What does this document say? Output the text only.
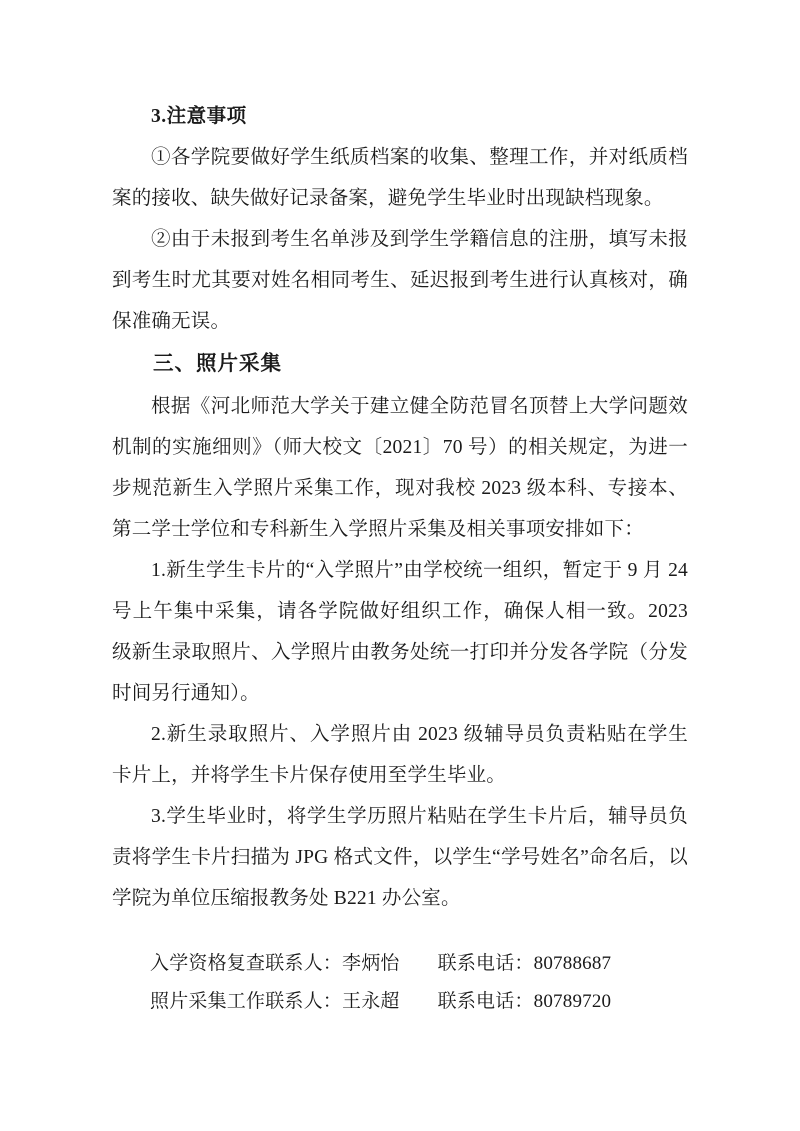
3.注意事项

①各学院要做好学生纸质档案的收集、整理工作，并对纸质档案的接收、缺失做好记录备案，避免学生毕业时出现缺档现象。

②由于未报到考生名单涉及到学生学籍信息的注册，填写未报到考生时尤其要对姓名相同考生、延迟报到考生进行认真核对，确保准确无误。

三、照片采集

根据《河北师范大学关于建立健全防范冒名顶替上大学问题效机制的实施细则》（师大校文〔2021〕70 号）的相关规定，为进一步规范新生入学照片采集工作，现对我校 2023 级本科、专接本、第二学士学位和专科新生入学照片采集及相关事项安排如下：

1.新生学生卡片的“入学照片”由学校统一组织，暂定于 9 月 24 号上午集中采集，请各学院做好组织工作，确保人相一致。2023 级新生录取照片、入学照片由教务处统一打印并分发各学院（分发时间另行通知）。

2.新生录取照片、入学照片由 2023 级辅导员负责粘贴在学生卡片上，并将学生卡片保存使用至学生毕业。

3.学生毕业时，将学生学历照片粘贴在学生卡片后，辅导员负责将学生卡片扫描为 JPG 格式文件，以学生“学号姓名”命名后，以学院为单位压缩报教务处 B221 办公室。

入学资格复查联系人：李炳怡 联系电话：80788687

照片采集工作联系人：王永超 联系电话：80789720
